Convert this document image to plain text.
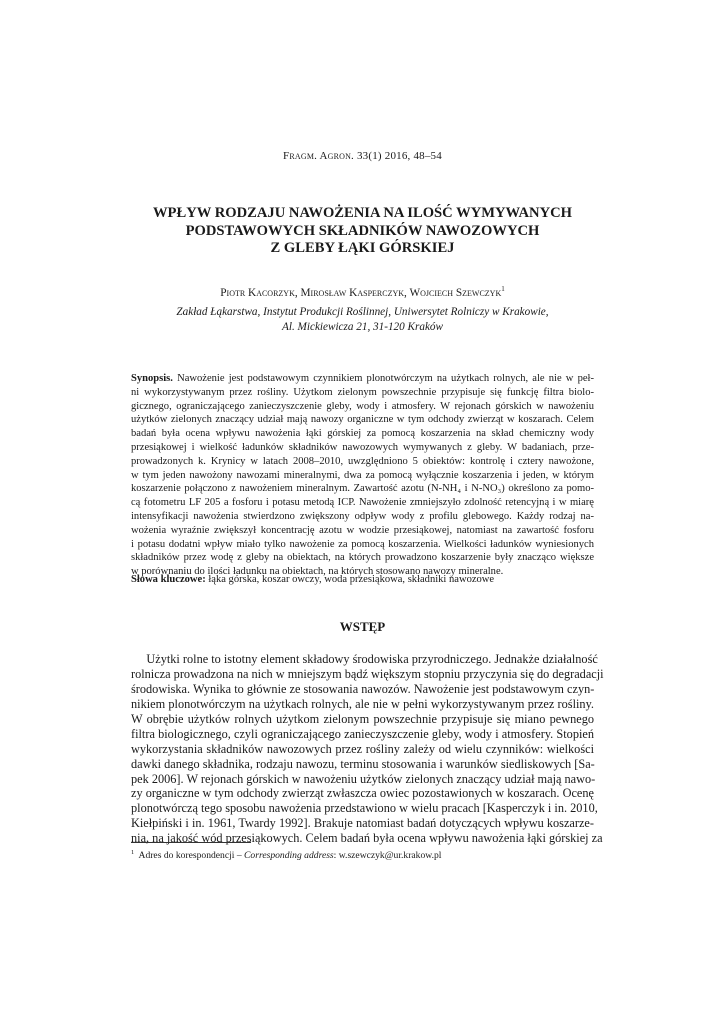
Fragm. Agron. 33(1) 2016, 48–54
WPŁYW RODZAJU NAWOŻENIA NA ILOŚĆ WYMYWANYCH
PODSTAWOWYCH SKŁADNIKÓW NAWOZOWYCH
Z GLEBY ŁĄKI GÓRSKIEJ
Piotr Kacorzyk, Mirosław Kasperczyk, Wojciech Szewczyk$^1$
Zakład Łąkarstwa, Instytut Produkcji Roślinnej, Uniwersytet Rolniczy w Krakowie,
Al. Mickiewicza 21, 31-120 Kraków
Synopsis. Nawożenie jest podstawowym czynnikiem plonotwórczym na użytkach rolnych, ale nie w peł-
ni wykorzystywanym przez rośliny. Użytkom zielonym powszechnie przypisuje się funkcję filtra biolo-
gicznego, ograniczającego zanieczyszczenie gleby, wody i atmosfery. W rejonach górskich w nawożeniu
użytków zielonych znaczący udział mają nawozy organiczne w tym odchody zwierząt w koszarach. Celem
badań była ocena wpływu nawożenia łąki górskiej za pomocą koszarzenia na skład chemiczny wody
przesiąkowej i wielkość ładunków składników nawozowych wymywanych z gleby. W badaniach, prze-
prowadzonych k. Krynicy w latach 2008–2010, uwzględniono 5 obiektów: kontrolę i cztery nawożone,
w tym jeden nawożony nawozami mineralnymi, dwa za pomocą wyłącznie koszarzenia i jeden, w którym
koszarzenie połączono z nawożeniem mineralnym. Zawartość azotu (N-NH₄ i N-NO₃) określono za pomo-
cą fotometru LF 205 a fosforu i potasu metodą ICP. Nawożenie zmniejszyło zdolność retencyjną i w miarę
intensyfikacji nawożenia stwierdzono zwiększony odpływ wody z profilu glebowego. Każdy rodzaj na-
wożenia wyraźnie zwiększył koncentrację azotu w wodzie przesiąkowej, natomiast na zawartość fosforu
i potasu dodatni wpływ miało tylko nawożenie za pomocą koszarzenia. Wielkości ładunków wyniesionych
składników przez wodę z gleby na obiektach, na których prowadzono koszarzenie były znacząco większe
w porównaniu do ilości ładunku na obiektach, na których stosowano nawozy mineralne.
Słowa kluczowe: łąka górska, koszar owczy, woda przesiąkowa, składniki nawozowe
WSTĘP
Użytki rolne to istotny element składowy środowiska przyrodniczego. Jednakże działalność
rolnicza prowadzona na nich w mniejszym bądź większym stopniu przyczynia się do degradacji
środowiska. Wynika to głównie ze stosowania nawozów. Nawożenie jest podstawowym czyn-
nikiem plonotwórczym na użytkach rolnych, ale nie w pełni wykorzystywanym przez rośliny.
W obrębie użytków rolnych użytkom zielonym powszechnie przypisuje się miano pewnego
filtra biologicznego, czyli ograniczającego zanieczyszczenie gleby, wody i atmosfery. Stopień
wykorzystania składników nawozowych przez rośliny zależy od wielu czynników: wielkości
dawki danego składnika, rodzaju nawozu, terminu stosowania i warunków siedliskowych [Sa-
pek 2006]. W rejonach górskich w nawożeniu użytków zielonych znaczący udział mają nawo-
zy organiczne w tym odchody zwierząt zwłaszcza owiec pozostawionych w koszarach. Ocenę
plonotwórczą tego sposobu nawożenia przedstawiono w wielu pracach [Kasperczyk i in. 2010,
Kiełpiński i in. 1961, Twardy 1992]. Brakuje natomiast badań dotyczących wpływu koszarze-
nia, na jakość wód przesiąkowych. Celem badań była ocena wpływu nawożenia łąki górskiej za
$^1$  Adres do korespondencji – Corresponding address: w.szewczyk@ur.krakow.pl
